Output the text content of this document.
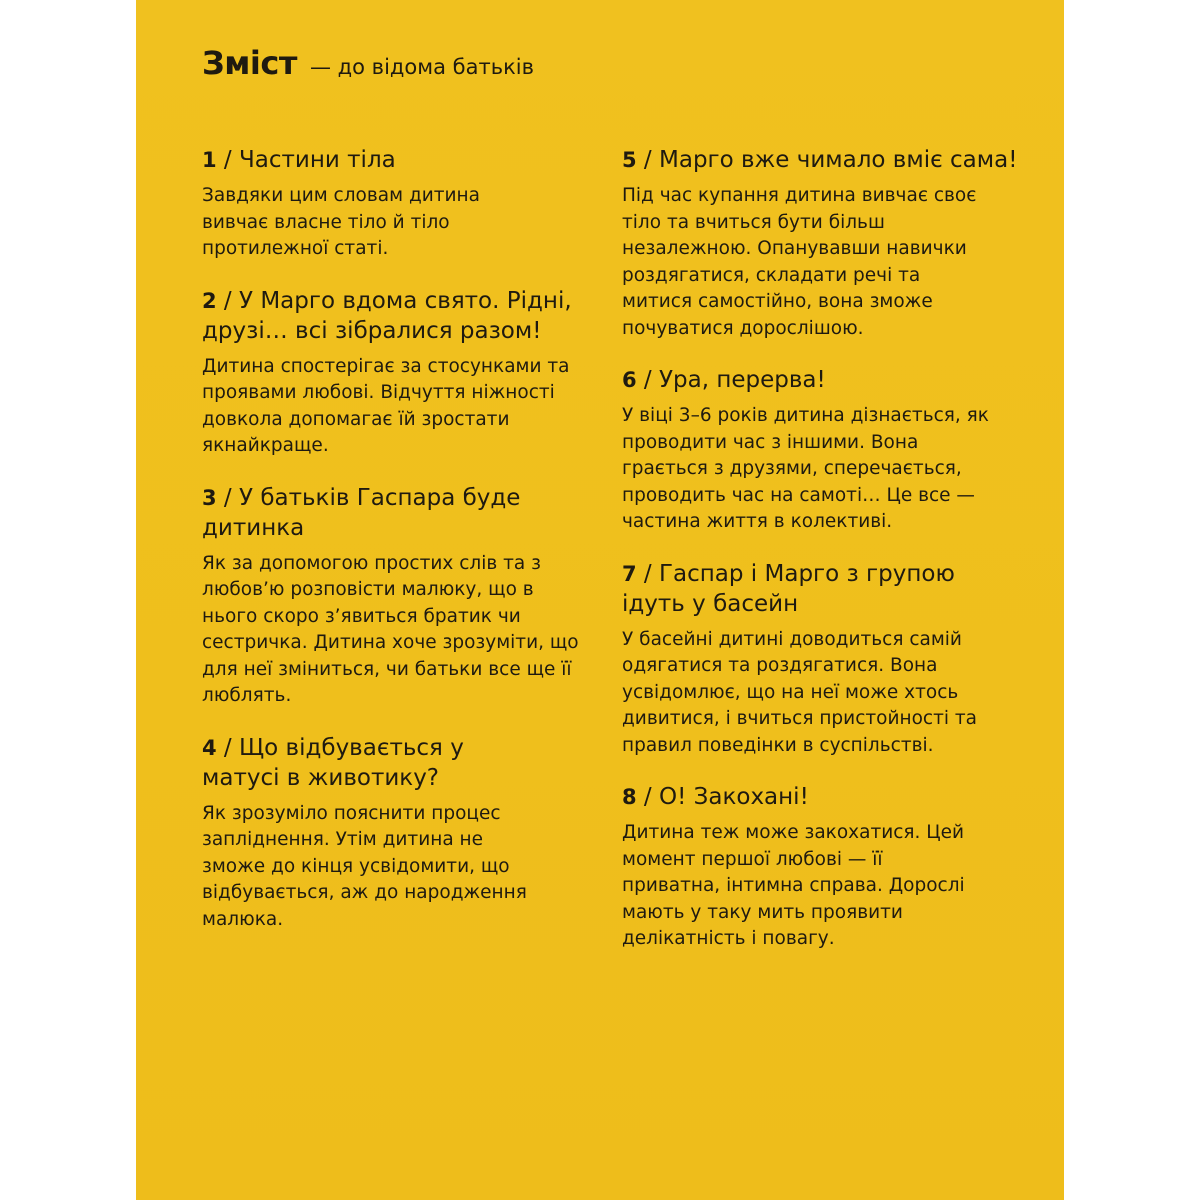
Зміст — до відома батьків
1 / Частини тіла
Завдяки цим словам дитина вивчає власне тіло й тіло протилежної статі.
2 / У Марго вдома свято. Рідні, друзі… всі зібралися разом!
Дитина спостерігає за стосунками та проявами любові. Відчуття ніжності довкола допомагає їй зростати якнайкраще.
3 / У батьків Гаспара буде дитинка
Як за допомогою простих слів та з любов’ю розповісти малюку, що в нього скоро з’явиться братик чи сестричка. Дитина хоче зрозуміти, що для неї зміниться, чи батьки все ще її люблять.
4 / Що відбувається у матусі в животику?
Як зрозуміло пояснити процес запліднення. Утім дитина не зможе до кінця усвідомити, що відбувається, аж до народження малюка.
5 / Марго вже чимало вміє сама!
Під час купання дитина вивчає своє тіло та вчиться бути більш незалежною. Опанувавши навички роздягатися, складати речі та митися самостійно, вона зможе почуватися дорослішою.
6 / Ура, перерва!
У віці 3–6 років дитина дізнається, як проводити час з іншими. Вона грається з друзями, сперечається, проводить час на самоті… Це все — частина життя в колективі.
7 / Гаспар і Марго з групою ідуть у басейн
У басейні дитині доводиться самій одягатися та роздягатися. Вона усвідомлює, що на неї може хтось дивитися, і вчиться пристойності та правил поведінки в суспільстві.
8 / О! Закохані!
Дитина теж може закохатися. Цей момент першої любові — її приватна, інтимна справа. Дорослі мають у таку мить проявити делікатність і повагу.
